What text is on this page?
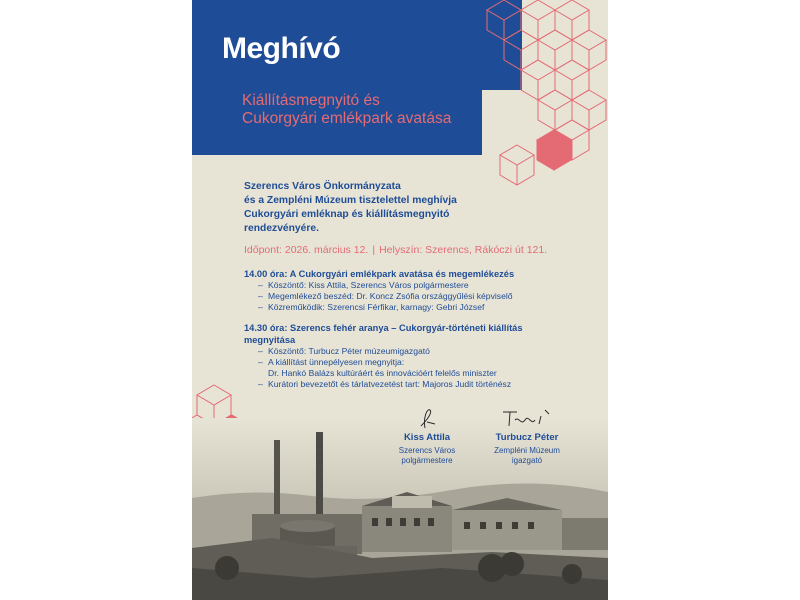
Meghívó
Kiállításmegnyitó és
Cukorgyári emlékpark avatása
Szerencs Város Önkormányzata
és a Zempléni Múzeum tisztelettel meghívja
Cukorgyári emléknap és kiállításmegnyitó
rendezvényére.
Időpont: 2026. március 12. | Helyszín: Szerencs, Rákóczi út 121.
14.00 óra: A Cukorgyári emlékpark avatása és megemlékezés
– Köszöntő: Kiss Attila, Szerencs Város polgármestere
– Megemlékező beszéd: Dr. Koncz Zsófia országgyűlési képviselő
– Közreműködik: Szerencsi Férfikar, karnagy: Gebri József
14.30 óra: Szerencs fehér aranya – Cukorgyár-történeti kiállítás
megnyitása
– Köszöntő: Turbucz Péter múzeumigazgató
– A kiállítást ünnepélyesen megnyitja:
Dr. Hankó Balázs kultúráért és innovációért felelős miniszter
– Kurátori bevezetőt és tárlatvezetést tart: Majoros Judit történész
Kiss Attila
Szerencs Város
polgármestere
Turbucz Péter
Zempléni Múzeum
igazgató
